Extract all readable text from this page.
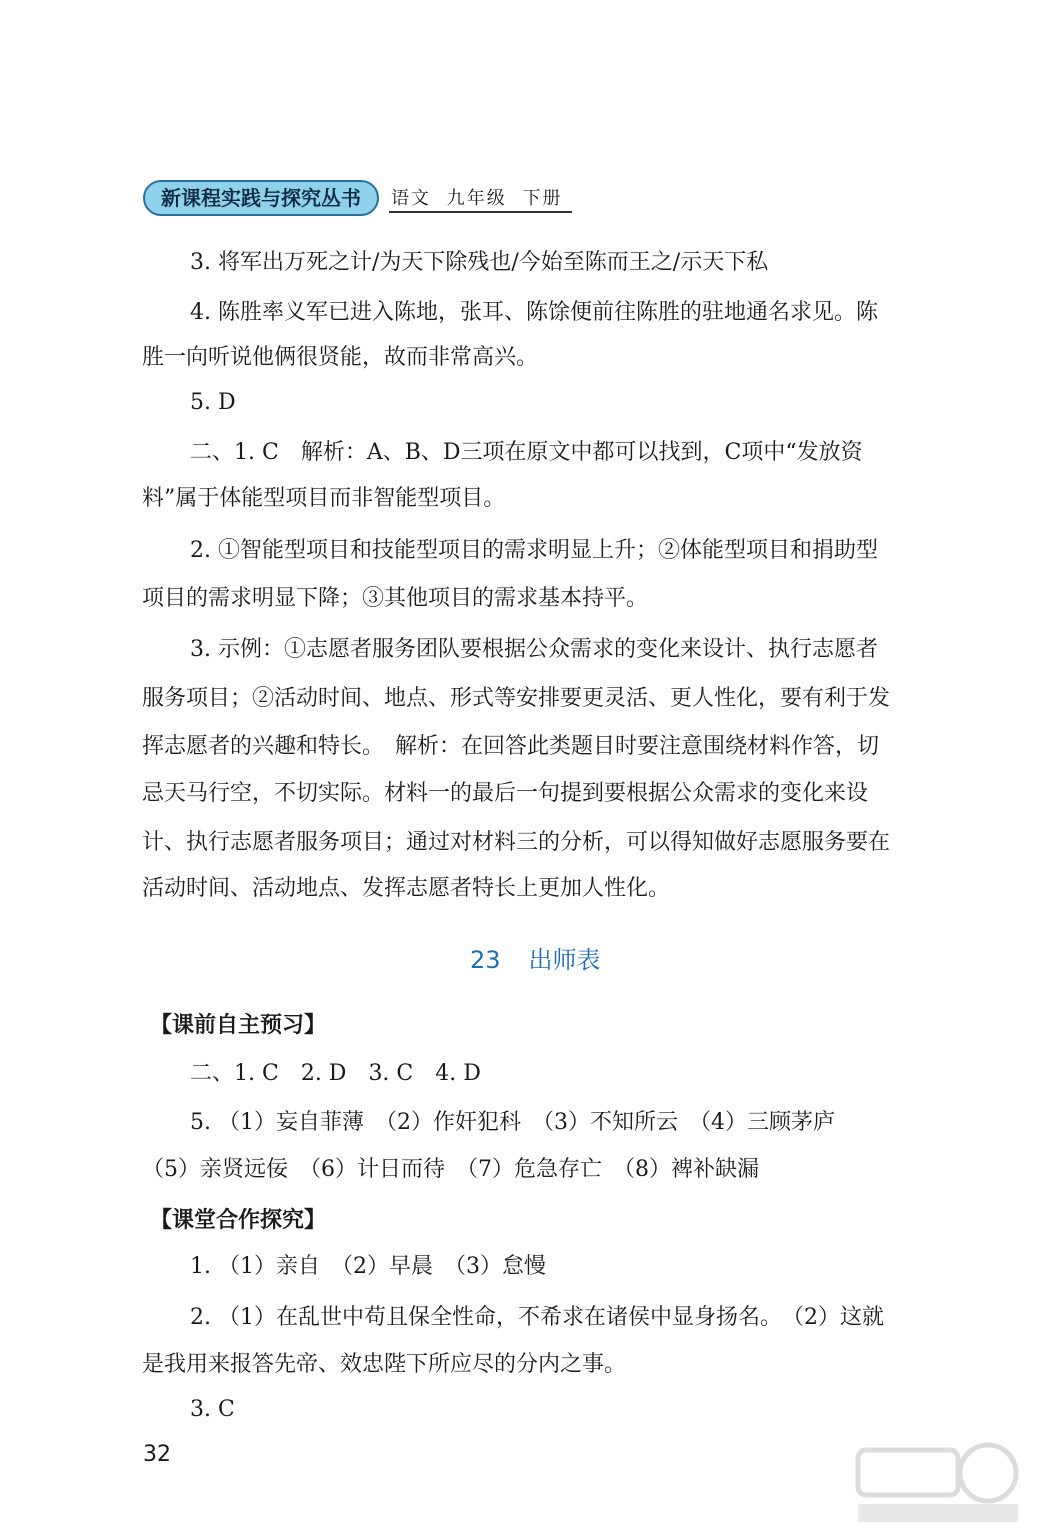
新课程实践与探究丛书	语文 九年级 下册
3. 将军出万死之计/为天下除残也/今始至陈而王之/示天下私
4. 陈胜率义军已进入陈地，张耳、陈馀便前往陈胜的驻地通名求见。陈
胜一向听说他俩很贤能，故而非常高兴。
5. D
二、1. C　解析：A、B、D三项在原文中都可以找到，C项中“发放资
料”属于体能型项目而非智能型项目。
2. ①智能型项目和技能型项目的需求明显上升；②体能型项目和捐助型
项目的需求明显下降；③其他项目的需求基本持平。
3. 示例：①志愿者服务团队要根据公众需求的变化来设计、执行志愿者
服务项目；②活动时间、地点、形式等安排要更灵活、更人性化，要有利于发
挥志愿者的兴趣和特长。　解析：在回答此类题目时要注意围绕材料作答，切
忌天马行空，不切实际。材料一的最后一句提到要根据公众需求的变化来设
计、执行志愿者服务项目；通过对材料三的分析，可以得知做好志愿服务要在
活动时间、活动地点、发挥志愿者特长上更加人性化。
23 出师表
【课前自主预习】
二、1. C　2. D　3. C　4. D
5. （1）妄自菲薄　（2）作奸犯科　（3）不知所云　（4）三顾茅庐
（5）亲贤远佞　（6）计日而待　（7）危急存亡　（8）裨补缺漏
【课堂合作探究】
1. （1）亲自　（2）早晨　（3）怠慢
2. （1）在乱世中苟且保全性命，不希求在诸侯中显身扬名。　（2）这就
是我用来报答先帝、效忠陛下所应尽的分内之事。
3. C
32
